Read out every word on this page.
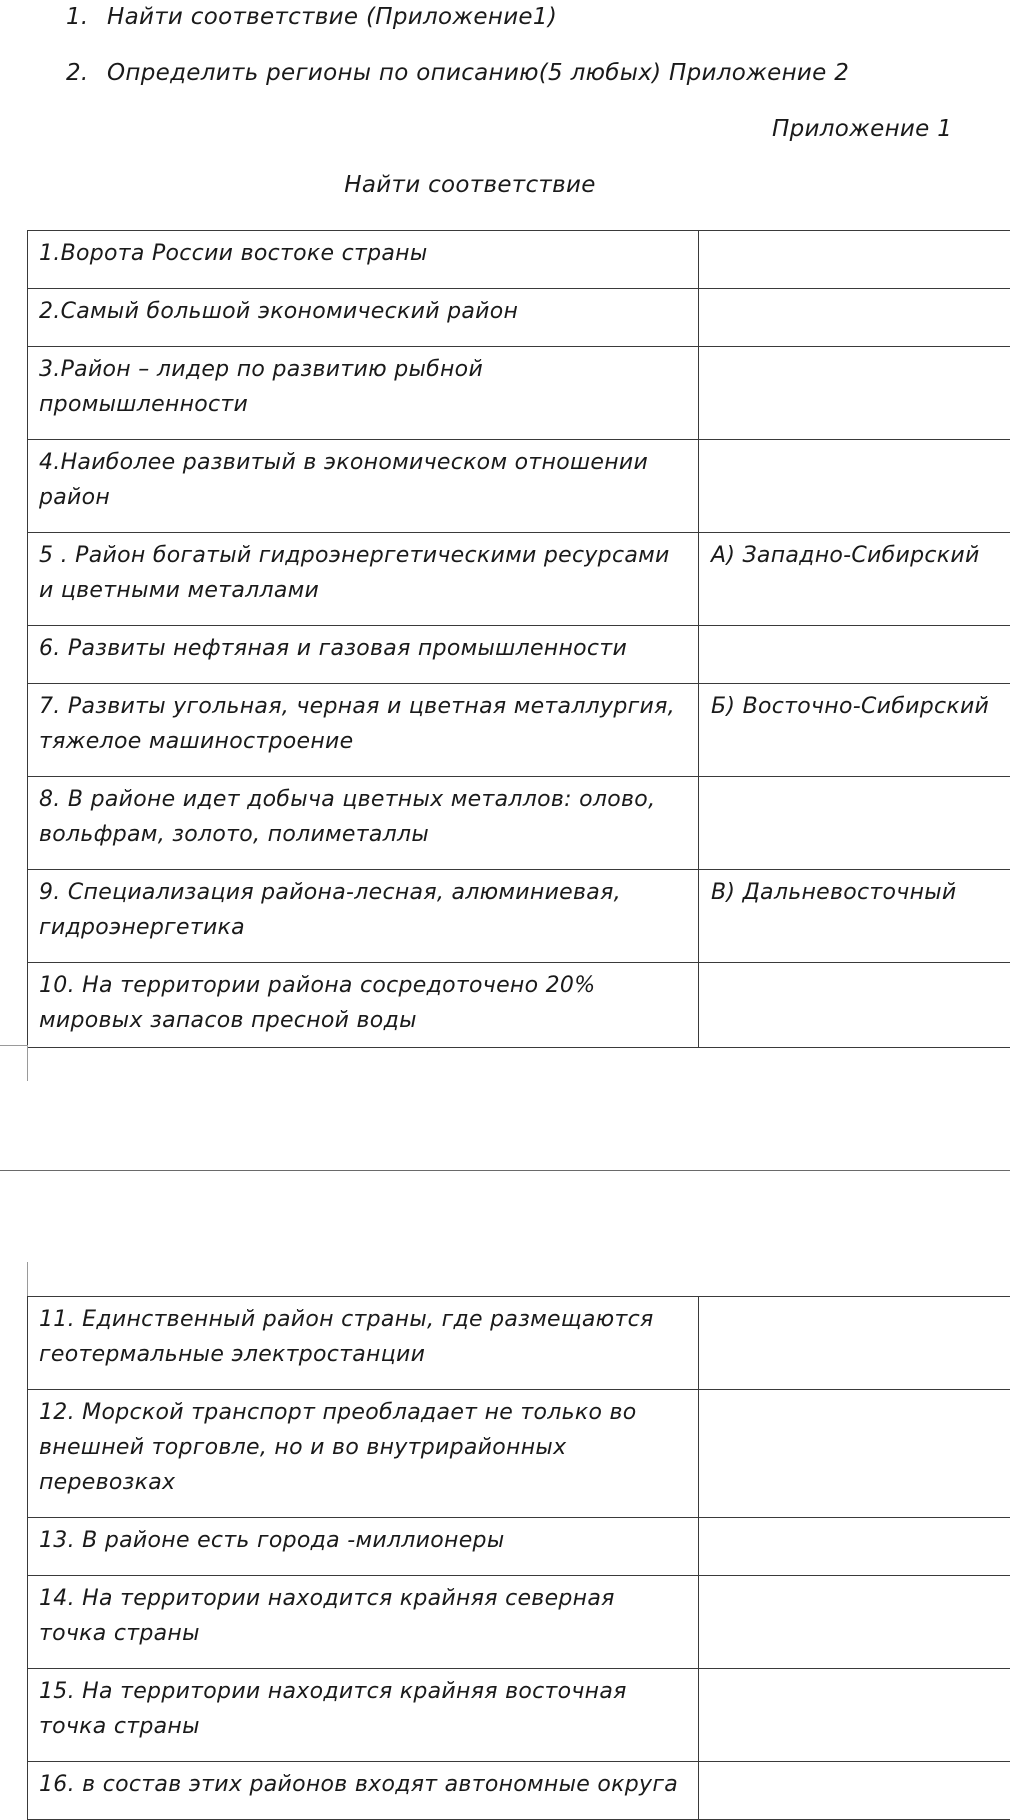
1. Найти соответствие (Приложение1)
2. Определить регионы по описанию(5 любых) Приложение 2
Приложение 1
Найти соответствие
1.Ворота России востоке страны	
2.Самый большой экономический район	
3.Район – лидер по развитию рыбной промышленности	
4.Наиболее развитый в экономическом отношении район	
5 . Район богатый гидроэнергетическими ресурсами и цветными металлами	А) Западно-Сибирский
6. Развиты нефтяная и газовая промышленности	
7. Развиты угольная, черная и цветная металлургия, тяжелое машиностроение	Б) Восточно-Сибирский
8. В районе идет добыча цветных металлов: олово, вольфрам, золото, полиметаллы	
9. Специализация района-лесная, алюминиевая, гидроэнергетика	В) Дальневосточный
10. На территории района сосредоточено 20% мировых запасов пресной воды	
11. Единственный район страны, где размещаются геотермальные электростанции	
12. Морской транспорт преобладает не только во внешней торговле, но и во внутрирайонных перевозках	
13. В районе есть города -миллионеры	
14. На территории находится крайняя северная точка страны	
15. На территории находится крайняя восточная точка страны	
16. в состав этих районов входят автономные округа	
